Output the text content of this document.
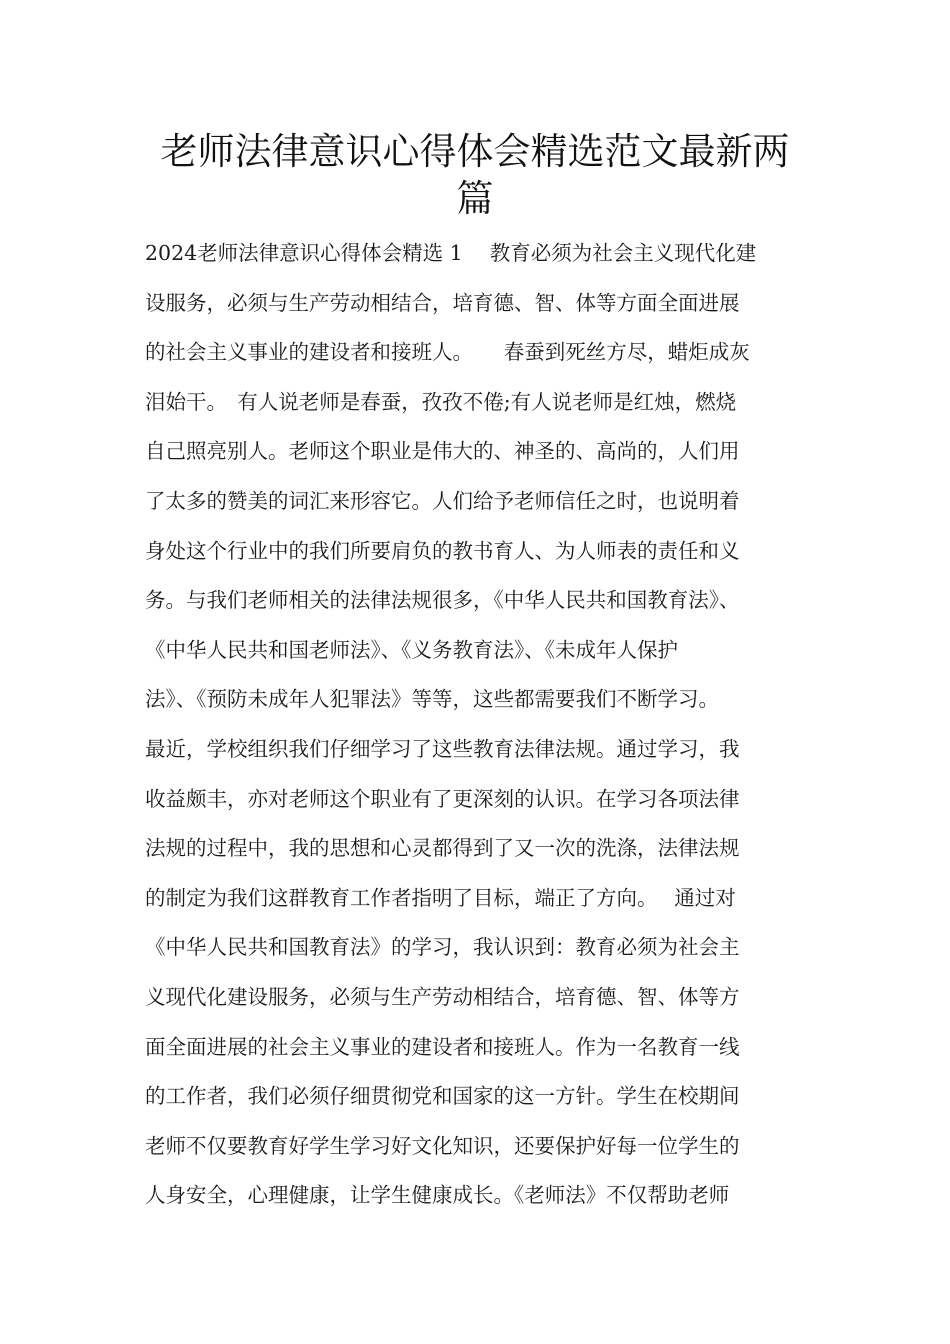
老师法律意识心得体会精选范文最新两
篇
2024老师法律意识心得体会精选 1　 教育必须为社会主义现代化建
设服务，必须与生产劳动相结合，培育德、智、体等方面全面进展
的社会主义事业的建设者和接班人。　　春蚕到死丝方尽，蜡炬成灰
泪始干。　有人说老师是春蚕，孜孜不倦;有人说老师是红烛，燃烧
自己照亮别人。老师这个职业是伟大的、神圣的、高尚的，人们用
了太多的赞美的词汇来形容它。人们给予老师信任之时，也说明着
身处这个行业中的我们所要肩负的教书育人、为人师表的责任和义
务。与我们老师相关的法律法规很多，《中华人民共和国教育法》、
《中华人民共和国老师法》、《义务教育法》、《未成年人保护
法》、《预防未成年人犯罪法》等等，这些都需要我们不断学习。
最近，学校组织我们仔细学习了这些教育法律法规。通过学习，我
收益颇丰，亦对老师这个职业有了更深刻的认识。在学习各项法律
法规的过程中，我的思想和心灵都得到了又一次的洗涤，法律法规
的制定为我们这群教育工作者指明了目标，端正了方向。　 通过对
《中华人民共和国教育法》的学习，我认识到：教育必须为社会主
义现代化建设服务，必须与生产劳动相结合，培育德、智、体等方
面全面进展的社会主义事业的建设者和接班人。作为一名教育一线
的工作者，我们必须仔细贯彻党和国家的这一方针。学生在校期间
老师不仅要教育好学生学习好文化知识，还要保护好每一位学生的
人身安全，心理健康，让学生健康成长。《老师法》不仅帮助老师
